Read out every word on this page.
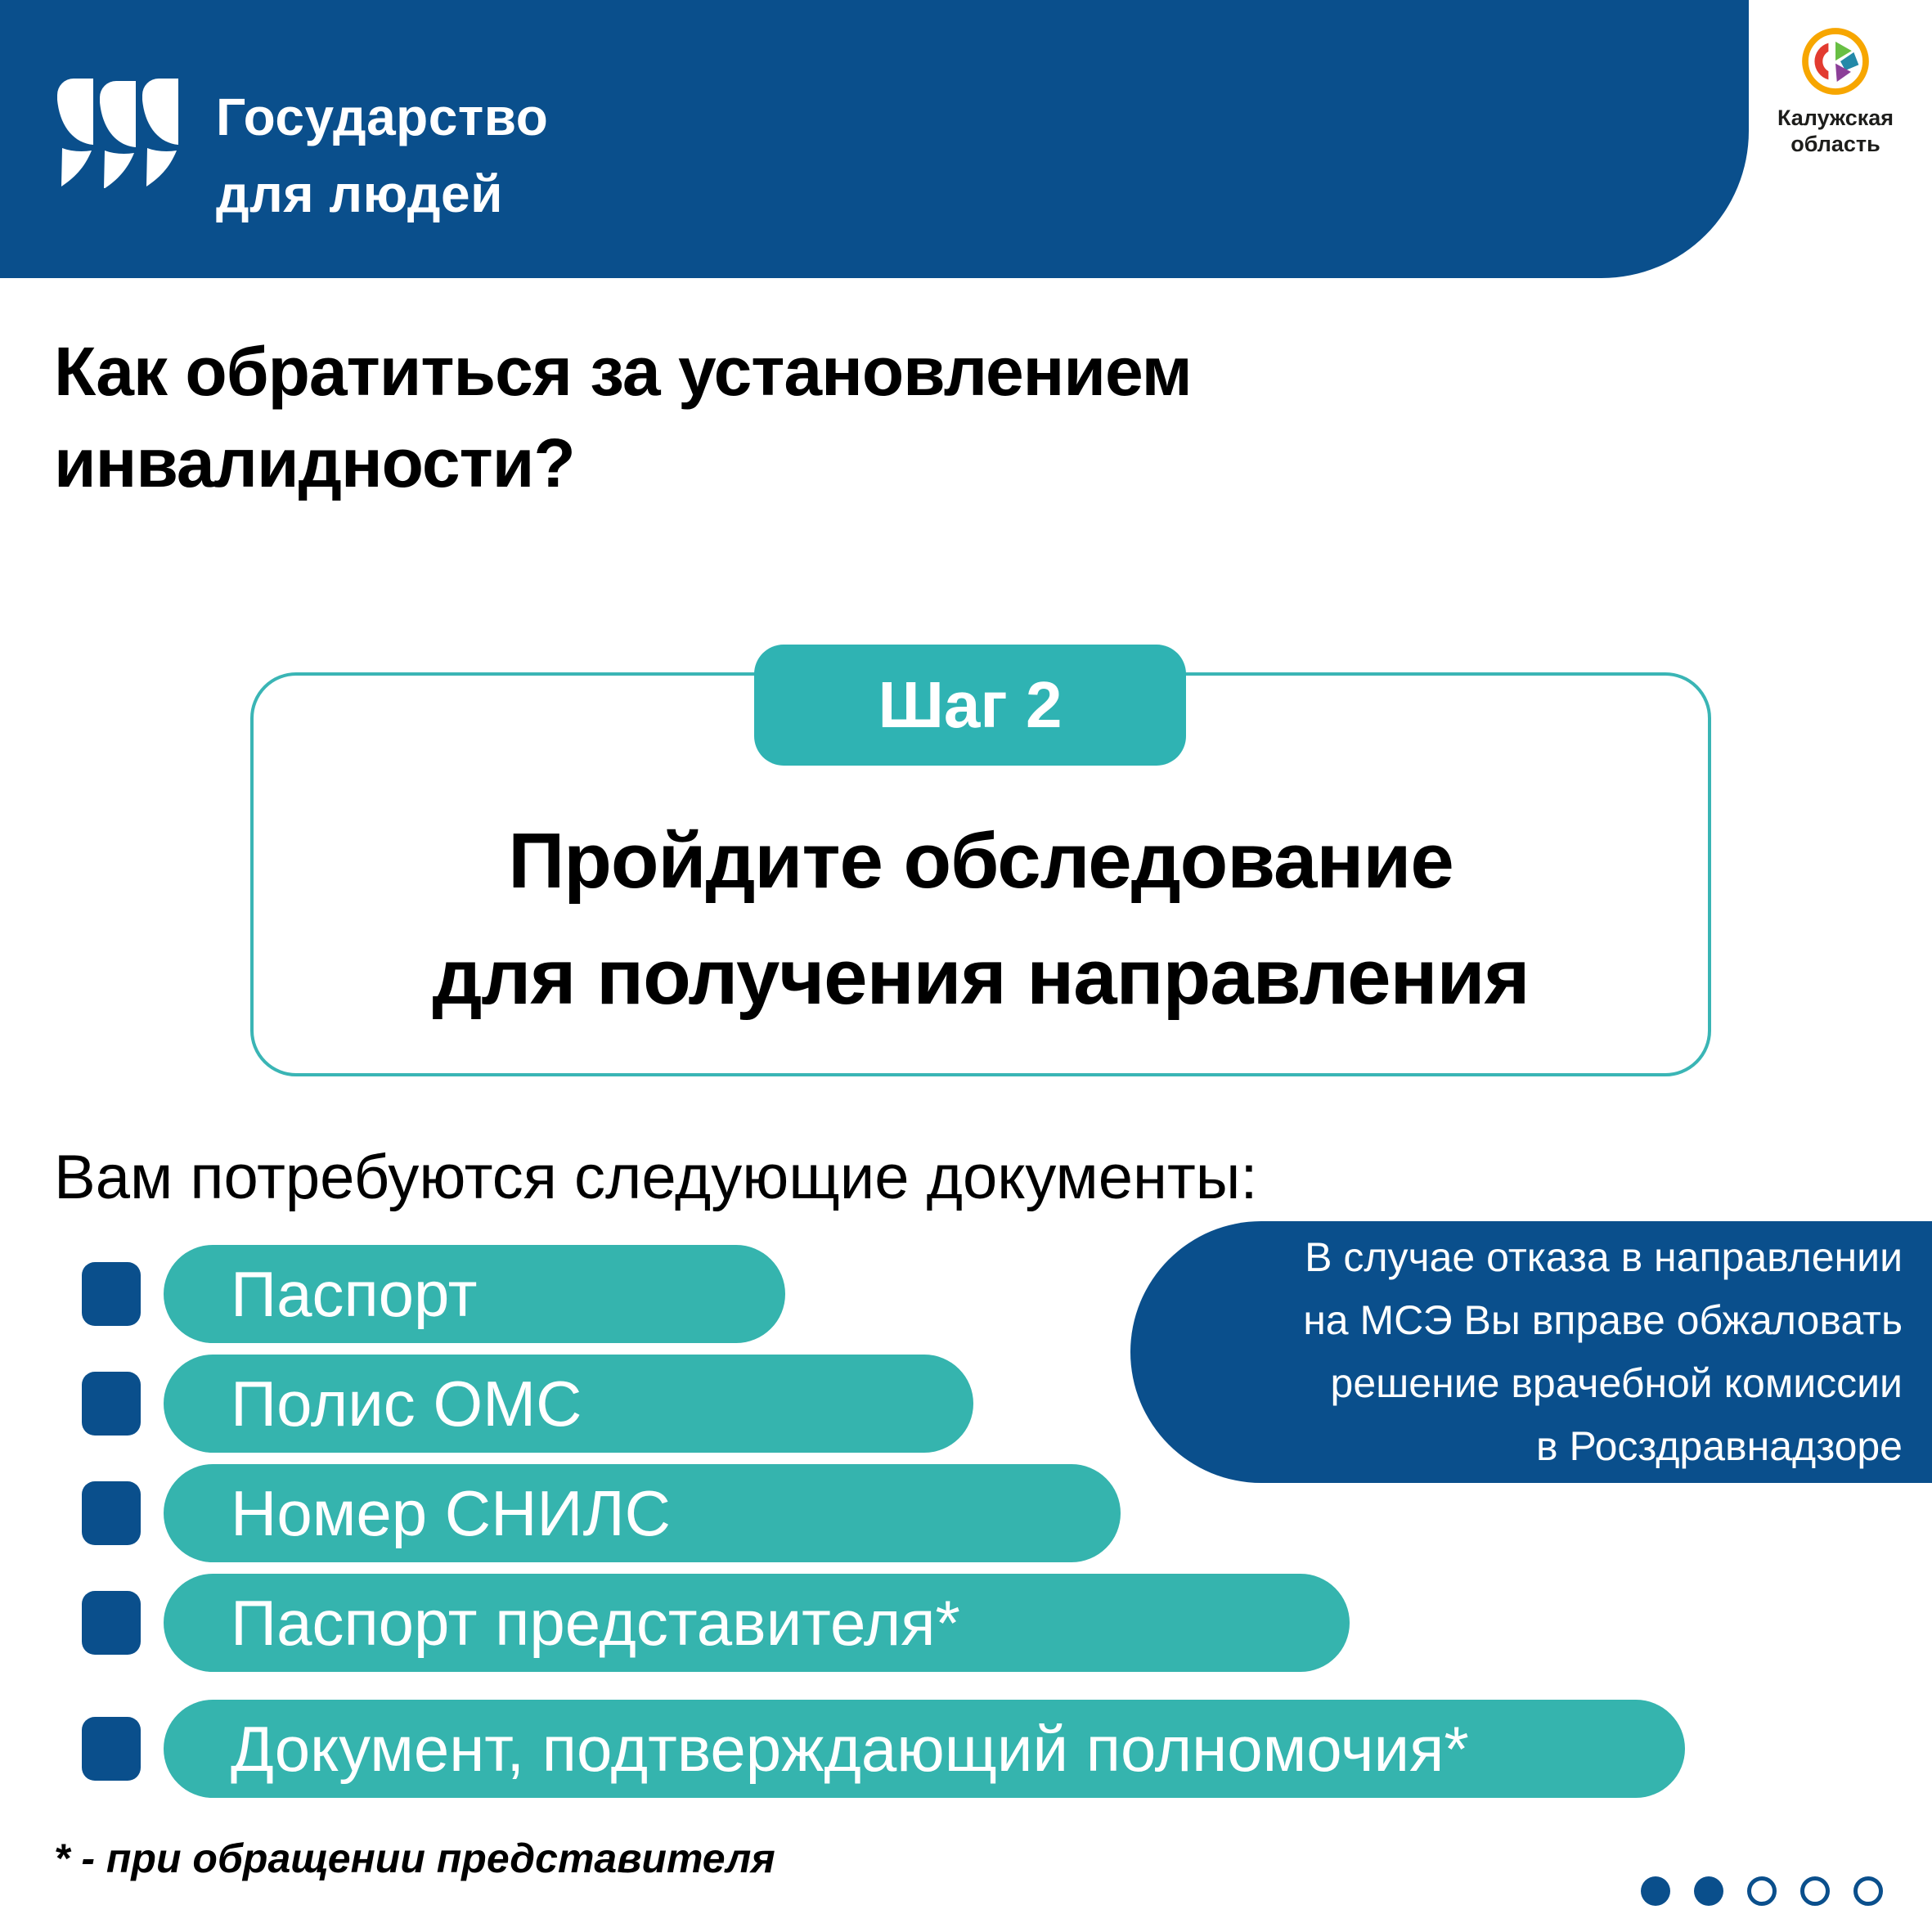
Государство
для людей
Калужская
область
Как обратиться за установлением
инвалидности?
Шаг 2
Пройдите обследование
для получения направления
Вам потребуются следующие документы:
Паспорт
Полис ОМС
Номер СНИЛС
Паспорт представителя*
Документ, подтверждающий полномочия*
В случае отказа в направлении
на МСЭ Вы вправе обжаловать
решение врачебной комиссии
в Росздравнадзоре
* - при обращении представителя
